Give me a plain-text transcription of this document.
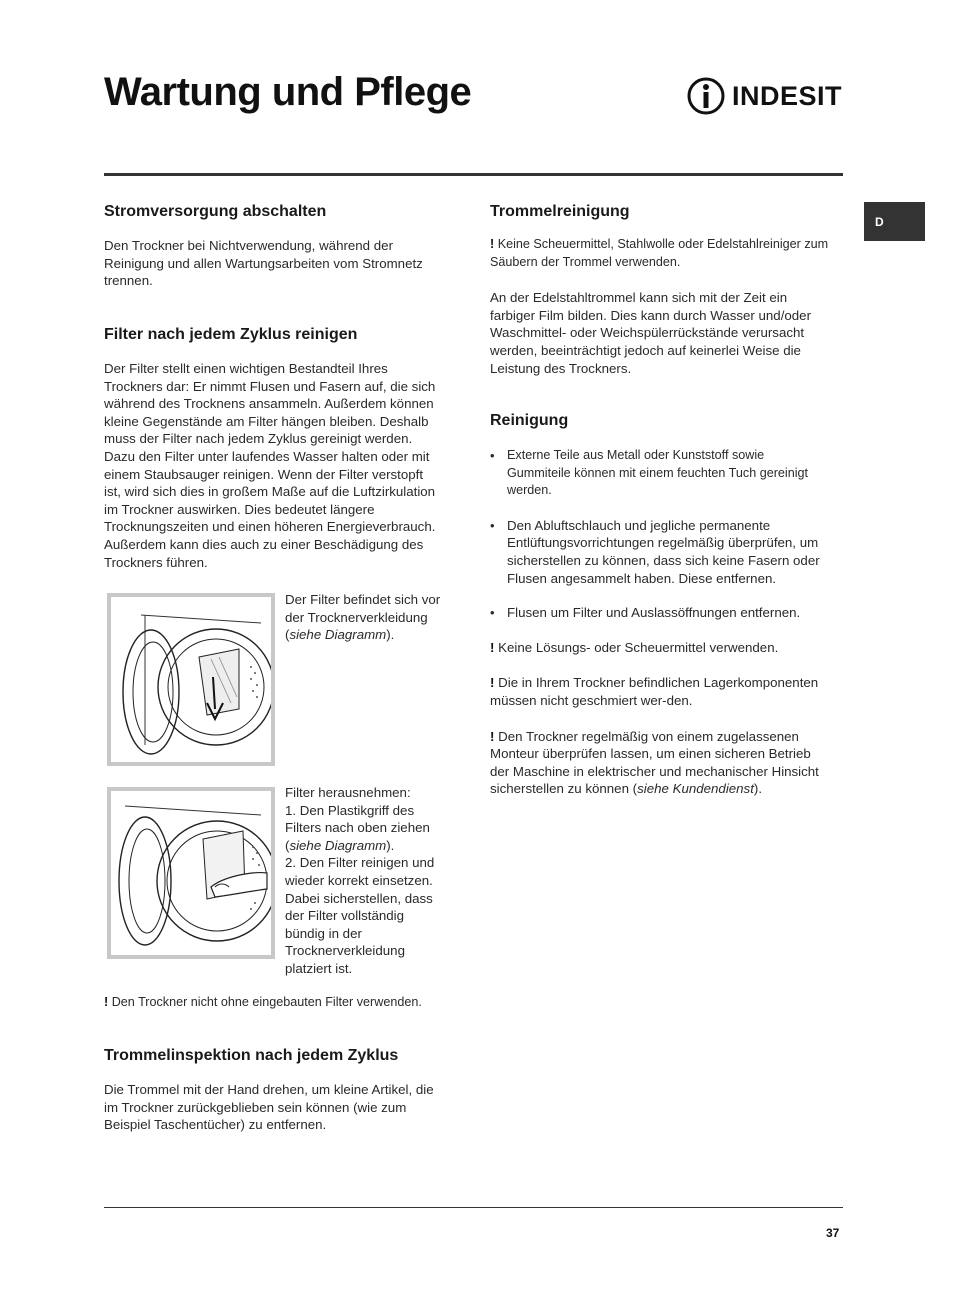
Wartung und Pflege	INDESIT
D
Stromversorgung abschalten

Den Trockner bei Nichtverwendung, während der Reinigung und allen Wartungsarbeiten vom Stromnetz trennen.

Filter nach jedem Zyklus reinigen

Der Filter stellt einen wichtigen Bestandteil Ihres Trockners dar: Er nimmt Flusen und Fasern auf, die sich während des Trocknens ansammeln. Außerdem können kleine Gegenstände am Filter hängen bleiben. Deshalb muss der Filter nach jedem Zyklus gereinigt werden. Dazu den Filter unter laufendes Wasser halten oder mit einem Staubsauger reinigen. Wenn der Filter verstopft ist, wird sich dies in großem Maße auf die Luftzirkulation im Trockner auswirken. Dies bedeutet längere Trocknungszeiten und einen höheren Energieverbrauch. Außerdem kann dies auch zu einer Beschädigung des Trockners führen.

Der Filter befindet sich vor der Trocknerverkleidung (siehe Diagramm).

Filter herausnehmen:

1. Den Plastikgriff des Filters nach oben ziehen (siehe Diagramm).

2. Den Filter reinigen und wieder korrekt einsetzen. Dabei sicherstellen, dass der Filter vollständig bündig in der Trocknerverkleidung platziert ist.

! Den Trockner nicht ohne eingebauten Filter verwenden.

Trommelinspektion nach jedem Zyklus

Die Trommel mit der Hand drehen, um kleine Artikel, die im Trockner zurückgeblieben sein können (wie zum Beispiel Taschentücher) zu entfernen.

Trommelreinigung

! Keine Scheuermittel, Stahlwolle oder Edelstahlreiniger zum Säubern der Trommel verwenden.

An der Edelstahltrommel kann sich mit der Zeit ein farbiger Film bilden. Dies kann durch Wasser und/oder Waschmittel- oder Weichspülerrückstände verursacht werden, beeinträchtigt jedoch auf keinerlei Weise die Leistung des Trockners.

Reinigung
• Externe Teile aus Metall oder Kunststoff sowie Gummiteile können mit einem feuchten Tuch gereinigt werden.
• Den Abluftschlauch und jegliche permanente Entlüftungsvorrichtungen regelmäßig überprüfen, um sicherstellen zu können, dass sich keine Fasern oder Flusen angesammelt haben. Diese entfernen.
• Flusen um Filter und Auslassöffnungen entfernen.

! Keine Lösungs- oder Scheuermittel verwenden.

! Die in Ihrem Trockner befindlichen Lagerkomponenten müssen nicht geschmiert wer-den.

! Den Trockner regelmäßig von einem zugelassenen Monteur überprüfen lassen, um einen sicheren Betrieb der Maschine in elektrischer und mechanischer Hinsicht sicherstellen zu können (siehe Kundendienst).

37
